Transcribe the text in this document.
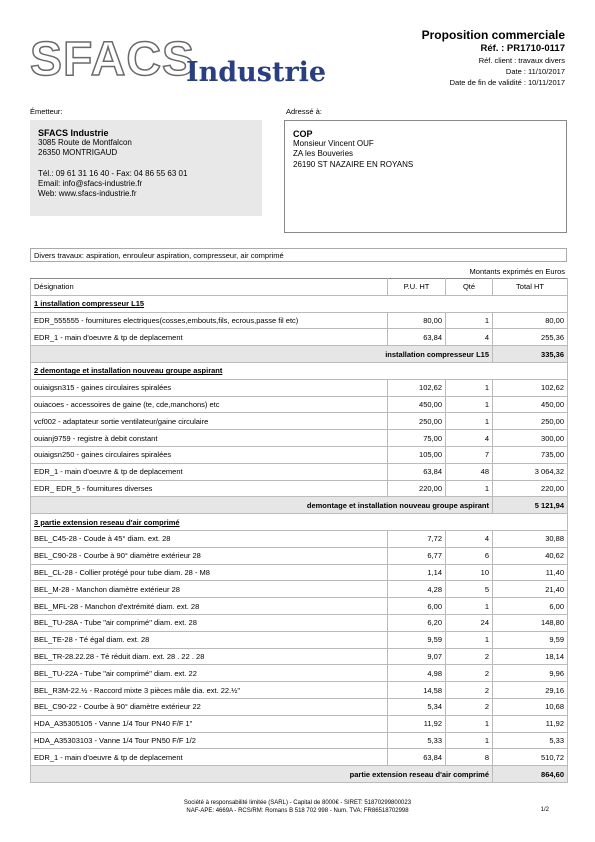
SFACS
Industrie
Proposition commerciale
Réf. : PR1710-0117
Réf. client : travaux divers
Date : 11/10/2017
Date de fin de validité : 10/11/2017
Émetteur:	Adressé à:
SFACS Industrie
3085 Route de Montfalcon
26350 MONTRIGAUD
Tél.: 09 61 31 16 40 - Fax: 04 86 55 63 01
Email: info@sfacs-industrie.fr
Web: www.sfacs-industrie.fr
COP
Monsieur Vincent OUF
ZA les Bouveries
26190 ST NAZAIRE EN ROYANS
Divers travaux: aspiration, enrouleur aspiration, compresseur, air comprimé
Montants exprimés en Euros
Désignation	P.U. HT	Qté	Total HT
1 installation compresseur L15			
EDR_555555 - fournitures electriques(cosses,embouts,fils, ecrous,passe fil etc)	80,00	1	80,00
EDR_1 - main d'oeuvre & tp de deplacement	63,84	4	255,36
installation compresseur L15			335,36
2 demontage et installation nouveau groupe aspirant			
ouiaigsn315 - gaines circulaires spiralées	102,62	1	102,62
ouiacoes - accessoires de gaine (te, cde,manchons) etc	450,00	1	450,00
vcf002 - adaptateur sortie ventilateur/gaine circulaire	250,00	1	250,00
ouianj9759 - registre à debit constant	75,00	4	300,00
ouiaigsn250 - gaines circulaires spiralées	105,00	7	735,00
EDR_1 - main d'oeuvre & tp de deplacement	63,84	48	3 064,32
EDR_ EDR_5 - fournitures diverses	220,00	1	220,00
demontage et installation nouveau groupe aspirant			5 121,94
3 partie extension reseau d'air comprimé			
BEL_C45-28 - Coude à 45° diam. ext. 28	7,72	4	30,88
BEL_C90-28 - Courbe à 90° diamètre extérieur 28	6,77	6	40,62
BEL_CL-28 - Collier protégé pour tube diam. 28 - M8	1,14	10	11,40
BEL_M-28 - Manchon diamètre extérieur 28	4,28	5	21,40
BEL_MFL-28 - Manchon d'extrémité diam. ext. 28	6,00	1	6,00
BEL_TU-28A - Tube "air comprimé" diam. ext. 28	6,20	24	148,80
BEL_TE-28 - Té égal diam. ext. 28	9,59	1	9,59
BEL_TR-28.22.28 - Té réduit diam. ext. 28 . 22 . 28	9,07	2	18,14
BEL_TU-22A - Tube "air comprimé" diam. ext. 22	4,98	2	9,96
BEL_R3M-22.½ - Raccord mixte 3 pièces mâle dia. ext. 22.½"	14,58	2	29,16
BEL_C90-22 - Courbe à 90° diamètre extérieur 22	5,34	2	10,68
HDA_A35305105 - Vanne 1/4 Tour PN40 F/F 1"	11,92	1	11,92
HDA_A35303103 - Vanne 1/4 Tour PN50 F/F 1/2	5,33	1	5,33
EDR_1 - main d'oeuvre & tp de deplacement	63,84	8	510,72
partie extension reseau d'air comprimé			864,60
Société à responsabilité limitée (SARL) - Capital de 8000€ - SIRET: 51870299800023
NAF-APE: 4669A - RCS/RM: Romans B 518 702 998 - Num. TVA: FR86518702998	1/2
